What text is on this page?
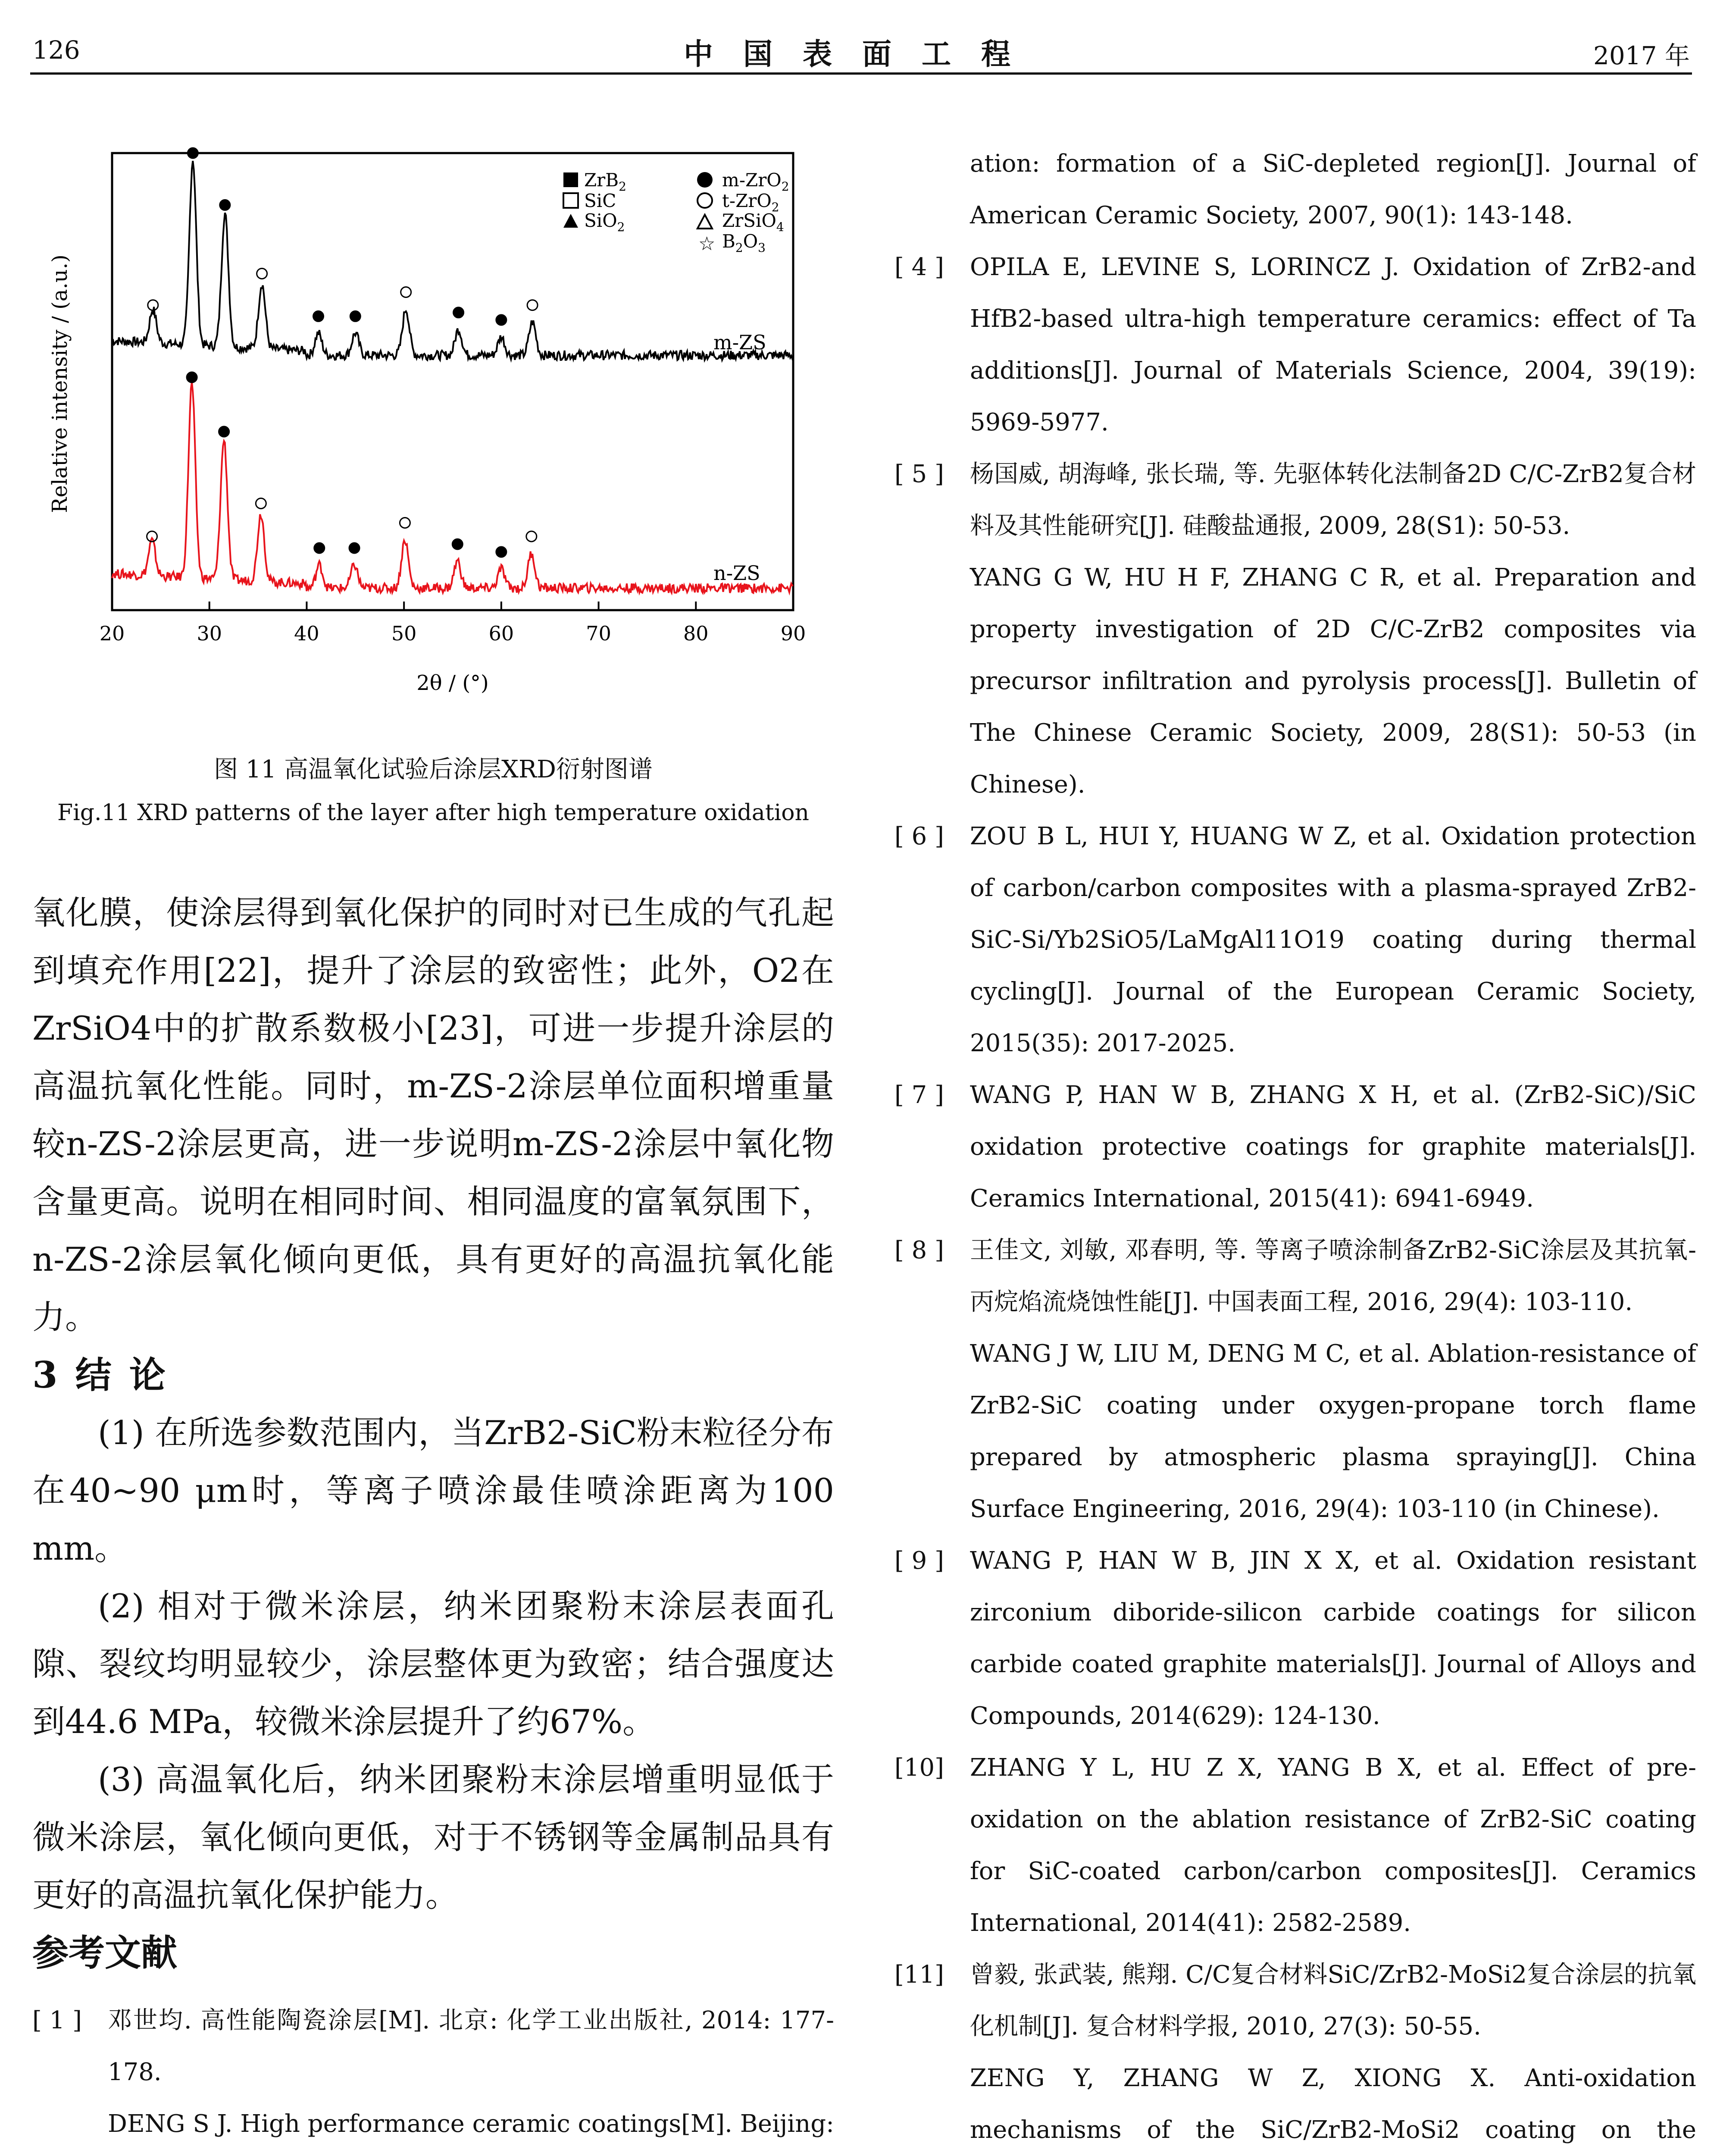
126	中国表面工程	2017 年
20	30	40	50	60	70	80	90
Relative intensity / (a.u.)
2θ / (°)
ZrB$_2$
SiC
SiO$_2$
m-ZrO$_2$
t-ZrO$_2$
ZrSiO$_4$
☆ $B_2O_3$
m-ZS
n-ZS
图 11 高温氧化试验后涂层XRD衍射图谱
Fig.11 XRD patterns of the layer after high temperature oxidation

氧化膜，使涂层得到氧化保护的同时对已生成的气孔起到填充作用[22]，提升了涂层的致密性；此外，O2在ZrSiO4中的扩散系数极小[23]，可进一步提升涂层的高温抗氧化性能。同时，m-ZS-2涂层单位面积增重量较n-ZS-2涂层更高，进一步说明m-ZS-2涂层中氧化物含量更高。说明在相同时间、相同温度的富氧氛围下，n-ZS-2涂层氧化倾向更低，具有更好的高温抗氧化能力。

3 结 论

(1) 在所选参数范围内，当ZrB2-SiC粉末粒径分布在40~90 μm时，等离子喷涂最佳喷涂距离为100 mm。

(2) 相对于微米涂层，纳米团聚粉末涂层表面孔隙、裂纹均明显较少，涂层整体更为致密；结合强度达到44.6 MPa，较微米涂层提升了约67%。

(3) 高温氧化后，纳米团聚粉末涂层增重明显低于微米涂层，氧化倾向更低，对于不锈钢等金属制品具有更好的高温抗氧化保护能力。

参考文献

[ 1 ]	邓世均. 高性能陶瓷涂层[M]. 北京: 化学工业出版社, 2014: 177-178.
DENG S J. High performance ceramic coatings[M]. Beijing:
ation: formation of a SiC-depleted region[J]. Journal of American Ceramic Society, 2007, 90(1): 143-148.
[ 4 ]	OPILA E, LEVINE S, LORINCZ J. Oxidation of ZrB2-and HfB2-based ultra-high temperature ceramics: effect of Ta additions[J]. Journal of Materials Science, 2004, 39(19): 5969-5977.
[ 5 ]	杨国威, 胡海峰, 张长瑞, 等. 先驱体转化法制备2D C/C-ZrB2复合材料及其性能研究[J]. 硅酸盐通报, 2009, 28(S1): 50-53.
YANG G W, HU H F, ZHANG C R, et al. Preparation and property investigation of 2D C/C-ZrB2 composites via precursor infiltration and pyrolysis process[J]. Bulletin of The Chinese Ceramic Society, 2009, 28(S1): 50-53 (in Chinese).
[ 6 ]	ZOU B L, HUI Y, HUANG W Z, et al. Oxidation protection of carbon/carbon composites with a plasma-sprayed ZrB2-SiC-Si/Yb2SiO5/LaMgAl11O19 coating during thermal cycling[J]. Journal of the European Ceramic Society, 2015(35): 2017-2025.
[ 7 ]	WANG P, HAN W B, ZHANG X H, et al. (ZrB2-SiC)/SiC oxidation protective coatings for graphite materials[J]. Ceramics International, 2015(41): 6941-6949.
[ 8 ]	王佳文, 刘敏, 邓春明, 等. 等离子喷涂制备ZrB2-SiC涂层及其抗氧-丙烷焰流烧蚀性能[J]. 中国表面工程, 2016, 29(4): 103-110.
WANG J W, LIU M, DENG M C, et al. Ablation-resistance of ZrB2-SiC coating under oxygen-propane torch flame prepared by atmospheric plasma spraying[J]. China Surface Engineering, 2016, 29(4): 103-110 (in Chinese).
[ 9 ]	WANG P, HAN W B, JIN X X, et al. Oxidation resistant zirconium diboride-silicon carbide coatings for silicon carbide coated graphite materials[J]. Journal of Alloys and Compounds, 2014(629): 124-130.
[10]	ZHANG Y L, HU Z X, YANG B X, et al. Effect of pre-oxidation on the ablation resistance of ZrB2-SiC coating for SiC-coated carbon/carbon composites[J]. Ceramics International, 2014(41): 2582-2589.
[11]	曾毅, 张武装, 熊翔. C/C复合材料SiC/ZrB2-MoSi2复合涂层的抗氧化机制[J]. 复合材料学报, 2010, 27(3): 50-55.
ZENG Y, ZHANG W Z, XIONG X. Anti-oxidation mechanisms of the SiC/ZrB2-MoSi2 coating on the
